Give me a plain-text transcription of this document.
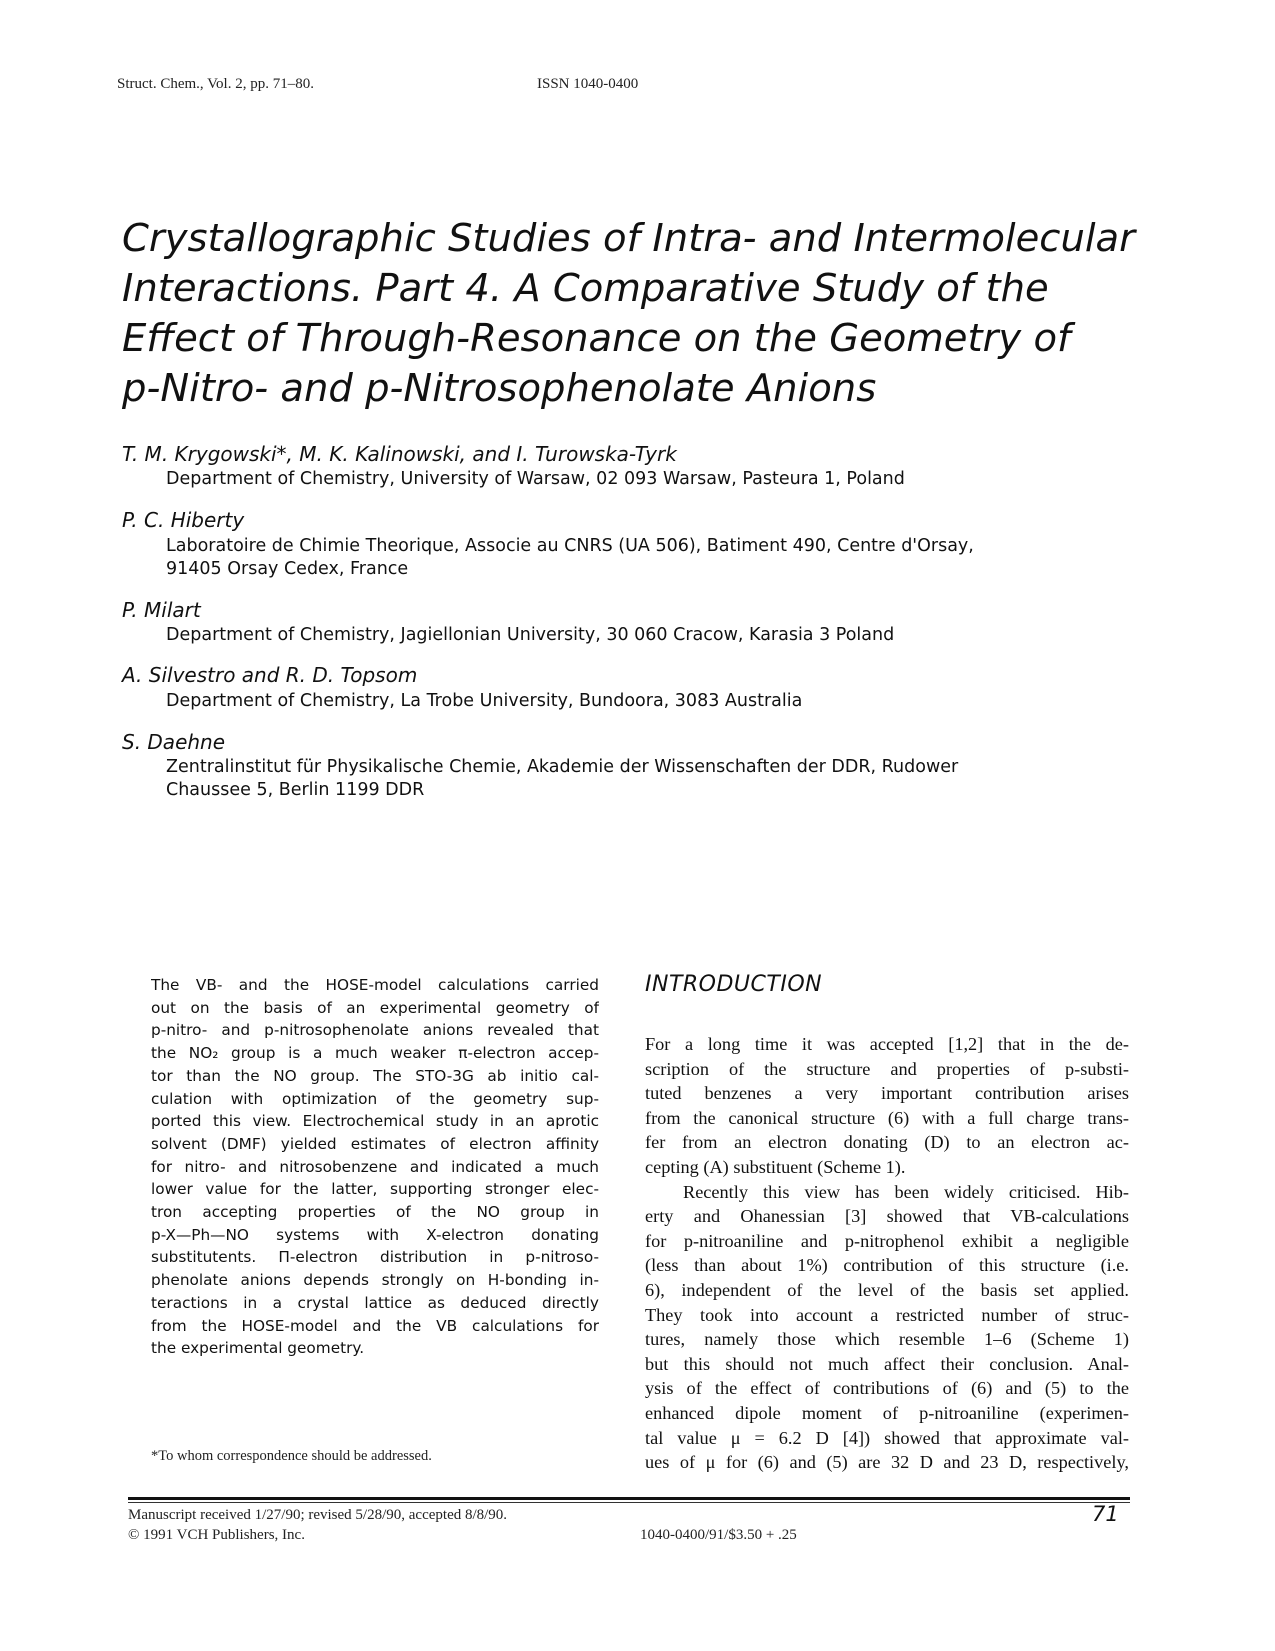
Struct. Chem., Vol. 2, pp. 71–80.	ISSN 1040-0400
Crystallographic Studies of Intra- and Intermolecular
Interactions. Part 4. A Comparative Study of the
Effect of Through-Resonance on the Geometry of
p-Nitro- and p-Nitrosophenolate Anions
T. M. Krygowski*, M. K. Kalinowski, and I. Turowska-Tyrk
Department of Chemistry, University of Warsaw, 02 093 Warsaw, Pasteura 1, Poland
P. C. Hiberty
Laboratoire de Chimie Theorique, Associe au CNRS (UA 506), Batiment 490, Centre d'Orsay,
91405 Orsay Cedex, France
P. Milart
Department of Chemistry, Jagiellonian University, 30 060 Cracow, Karasia 3 Poland
A. Silvestro and R. D. Topsom
Department of Chemistry, La Trobe University, Bundoora, 3083 Australia
S. Daehne
Zentralinstitut für Physikalische Chemie, Akademie der Wissenschaften der DDR, Rudower
Chaussee 5, Berlin 1199 DDR
The VB- and the HOSE-model calculations carried
out on the basis of an experimental geometry of
p-nitro- and p-nitrosophenolate anions revealed that
the NO₂ group is a much weaker π-electron accep-
tor than the NO group. The STO-3G ab initio cal-
culation with optimization of the geometry sup-
ported this view. Electrochemical study in an aprotic
solvent (DMF) yielded estimates of electron affinity
for nitro- and nitrosobenzene and indicated a much
lower value for the latter, supporting stronger elec-
tron accepting properties of the NO group in
p-X—Ph—NO systems with X-electron donating
substitutents. Π-electron distribution in p-nitroso-
phenolate anions depends strongly on H-bonding in-
teractions in a crystal lattice as deduced directly
from the HOSE-model and the VB calculations for
the experimental geometry.
INTRODUCTION
For a long time it was accepted [1,2] that in the de-
scription of the structure and properties of p-substi-
tuted benzenes a very important contribution arises
from the canonical structure (6) with a full charge trans-
fer from an electron donating (D) to an electron ac-
cepting (A) substituent (Scheme 1).
Recently this view has been widely criticised. Hib-
erty and Ohanessian [3] showed that VB-calculations
for p-nitroaniline and p-nitrophenol exhibit a negligible
(less than about 1%) contribution of this structure (i.e.
6), independent of the level of the basis set applied.
They took into account a restricted number of struc-
tures, namely those which resemble 1–6 (Scheme 1)
but this should not much affect their conclusion. Anal-
ysis of the effect of contributions of (6) and (5) to the
enhanced dipole moment of p-nitroaniline (experimen-
tal value μ = 6.2 D [4]) showed that approximate val-
ues of μ for (6) and (5) are 32 D and 23 D, respectively,
*To whom correspondence should be addressed.
Manuscript received 1/27/90; revised 5/28/90, accepted 8/8/90.
© 1991 VCH Publishers, Inc.	1040-0400/91/$3.50 + .25
71
